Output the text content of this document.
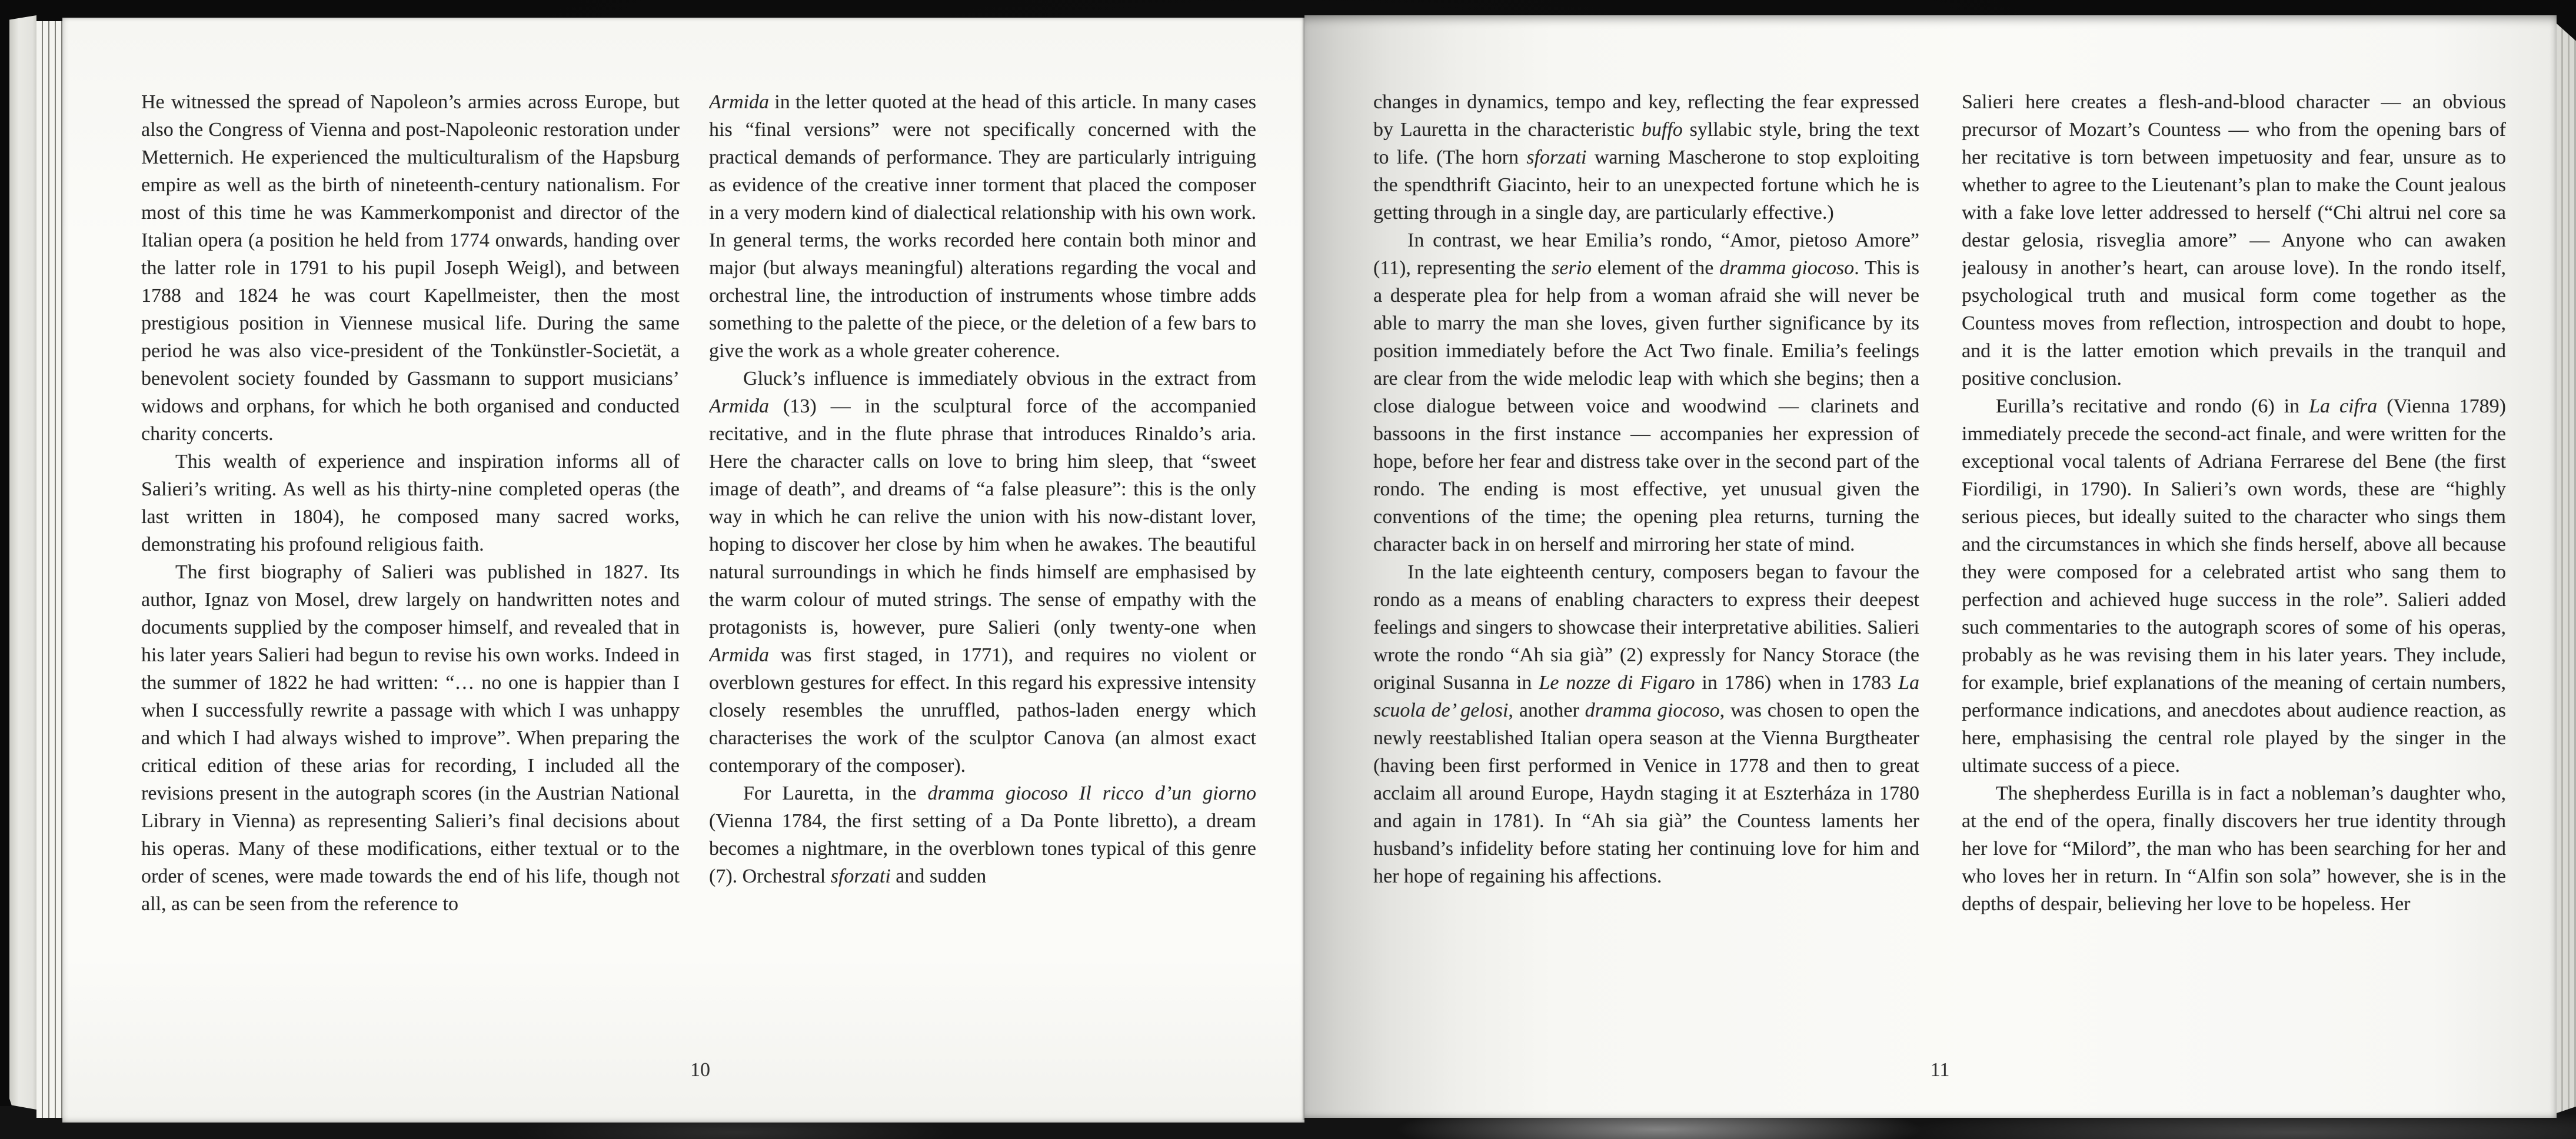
He witnessed the spread of Napoleon’s armies across Europe, but also the Congress of Vienna and post-Napoleonic restoration under Metternich. He experienced the multiculturalism of the Hapsburg empire as well as the birth of nineteenth-century nationalism. For most of this time he was Kammerkomponist and director of the Italian opera (a position he held from 1774 onwards, handing over the latter role in 1791 to his pupil Joseph Weigl), and between 1788 and 1824 he was court Kapellmeister, then the most prestigious position in Viennese musical life. During the same period he was also vice-president of the Tonkünstler-Societät, a benevolent society founded by Gassmann to support musicians’ widows and orphans, for which he both organised and conducted charity concerts.

This wealth of experience and inspiration informs all of Salieri’s writing. As well as his thirty-nine completed operas (the last written in 1804), he composed many sacred works, demonstrating his profound religious faith.

The first biography of Salieri was published in 1827. Its author, Ignaz von Mosel, drew largely on handwritten notes and documents supplied by the composer himself, and revealed that in his later years Salieri had begun to revise his own works. Indeed in the summer of 1822 he had written: “… no one is happier than I when I successfully rewrite a passage with which I was unhappy and which I had always wished to improve”. When preparing the critical edition of these arias for recording, I included all the revisions present in the autograph scores (in the Austrian National Library in Vienna) as representing Salieri’s final decisions about his operas. Many of these modifications, either textual or to the order of scenes, were made towards the end of his life, though not all, as can be seen from the reference to

Armida in the letter quoted at the head of this article. In many cases his “final versions” were not specifically concerned with the practical demands of performance. They are particularly intriguing as evidence of the creative inner torment that placed the composer in a very modern kind of dialectical relationship with his own work. In general terms, the works recorded here contain both minor and major (but always meaningful) alterations regarding the vocal and orchestral line, the introduction of instruments whose timbre adds something to the palette of the piece, or the deletion of a few bars to give the work as a whole greater coherence.

Gluck’s influence is immediately obvious in the extract from Armida (13) — in the sculptural force of the accompanied recitative, and in the flute phrase that introduces Rinaldo’s aria. Here the character calls on love to bring him sleep, that “sweet image of death”, and dreams of “a false pleasure”: this is the only way in which he can relive the union with his now-distant lover, hoping to discover her close by him when he awakes. The beautiful natural surroundings in which he finds himself are emphasised by the warm colour of muted strings. The sense of empathy with the protagonists is, however, pure Salieri (only twenty-one when Armida was first staged, in 1771), and requires no violent or overblown gestures for effect. In this regard his expressive intensity closely resembles the unruffled, pathos-laden energy which characterises the work of the sculptor Canova (an almost exact contemporary of the composer).

For Lauretta, in the dramma giocoso Il ricco d’un giorno (Vienna 1784, the first setting of a Da Ponte libretto), a dream becomes a nightmare, in the overblown tones typical of this genre (7). Orchestral sforzati and sudden

changes in dynamics, tempo and key, reflecting the fear expressed by Lauretta in the characteristic buffo syllabic style, bring the text to life. (The horn sforzati warning Mascherone to stop exploiting the spendthrift Giacinto, heir to an unexpected fortune which he is getting through in a single day, are particularly effective.)

In contrast, we hear Emilia’s rondo, “Amor, pietoso Amore” (11), representing the serio element of the dramma giocoso. This is a desperate plea for help from a woman afraid she will never be able to marry the man she loves, given further significance by its position immediately before the Act Two finale. Emilia’s feelings are clear from the wide melodic leap with which she begins; then a close dialogue between voice and woodwind — clarinets and bassoons in the first instance — accompanies her expression of hope, before her fear and distress take over in the second part of the rondo. The ending is most effective, yet unusual given the conventions of the time; the opening plea returns, turning the character back in on herself and mirroring her state of mind.

In the late eighteenth century, composers began to favour the rondo as a means of enabling characters to express their deepest feelings and singers to showcase their interpretative abilities. Salieri wrote the rondo “Ah sia già” (2) expressly for Nancy Storace (the original Susanna in Le nozze di Figaro in 1786) when in 1783 La scuola de’ gelosi, another dramma giocoso, was chosen to open the newly reestablished Italian opera season at the Vienna Burgtheater (having been first performed in Venice in 1778 and then to great acclaim all around Europe, Haydn staging it at Eszterháza in 1780 and again in 1781). In “Ah sia già” the Countess laments her husband’s infidelity before stating her continuing love for him and her hope of regaining his affections.

Salieri here creates a flesh-and-blood character — an obvious precursor of Mozart’s Countess — who from the opening bars of her recitative is torn between impetuosity and fear, unsure as to whether to agree to the Lieutenant’s plan to make the Count jealous with a fake love letter addressed to herself (“Chi altrui nel core sa destar gelosia, risveglia amore” — Anyone who can awaken jealousy in another’s heart, can arouse love). In the rondo itself, psychological truth and musical form come together as the Countess moves from reflection, introspection and doubt to hope, and it is the latter emotion which prevails in the tranquil and positive conclusion.

Eurilla’s recitative and rondo (6) in La cifra (Vienna 1789) immediately precede the second-act finale, and were written for the exceptional vocal talents of Adriana Ferrarese del Bene (the first Fiordiligi, in 1790). In Salieri’s own words, these are “highly serious pieces, but ideally suited to the character who sings them and the circumstances in which she finds herself, above all because they were composed for a celebrated artist who sang them to perfection and achieved huge success in the role”. Salieri added such commentaries to the autograph scores of some of his operas, probably as he was revising them in his later years. They include, for example, brief explanations of the meaning of certain numbers, performance indications, and anecdotes about audience reaction, as here, emphasising the central role played by the singer in the ultimate success of a piece.

The shepherdess Eurilla is in fact a nobleman’s daughter who, at the end of the opera, finally discovers her true identity through her love for “Milord”, the man who has been searching for her and who loves her in return. In “Alfin son sola” however, she is in the depths of despair, believing her love to be hopeless. Her

10	11
